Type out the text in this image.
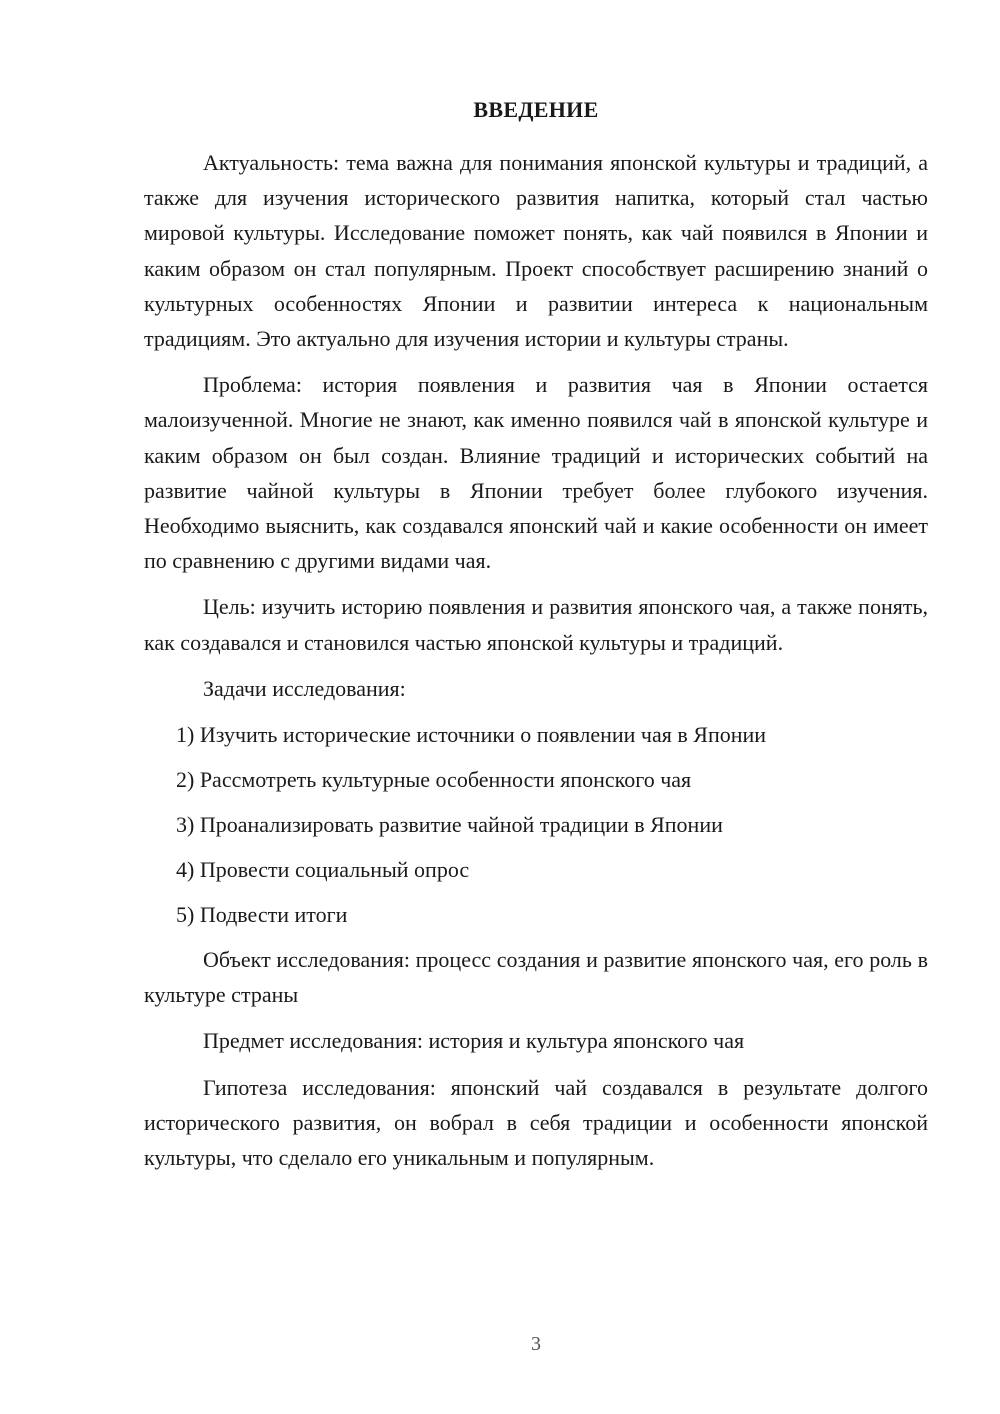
ВВЕДЕНИЕ

Актуальность: тема важна для понимания японской культуры и традиций, а также для изучения исторического развития напитка, который стал частью мировой культуры. Исследование поможет понять, как чай появился в Японии и каким образом он стал популярным. Проект способствует расширению знаний о культурных особенностях Японии и развитии интереса к национальным традициям. Это актуально для изучения истории и культуры страны.

Проблема: история появления и развития чая в Японии остается малоизученной. Многие не знают, как именно появился чай в японской культуре и каким образом он был создан. Влияние традиций и исторических событий на развитие чайной культуры в Японии требует более глубокого изучения. Необходимо выяснить, как создавался японский чай и какие особенности он имеет по сравнению с другими видами чая.

Цель: изучить историю появления и развития японского чая, а также понять, как создавался и становился частью японской культуры и традиций.

Задачи исследования:

1) Изучить исторические источники о появлении чая в Японии
2) Рассмотреть культурные особенности японского чая
3) Проанализировать развитие чайной традиции в Японии
4) Провести социальный опрос
5) Подвести итоги

Объект исследования: процесс создания и развитие японского чая, его роль в культуре страны

Предмет исследования: история и культура японского чая

Гипотеза исследования: японский чай создавался в результате долгого исторического развития, он вобрал в себя традиции и особенности японской культуры, что сделало его уникальным и популярным.

3
